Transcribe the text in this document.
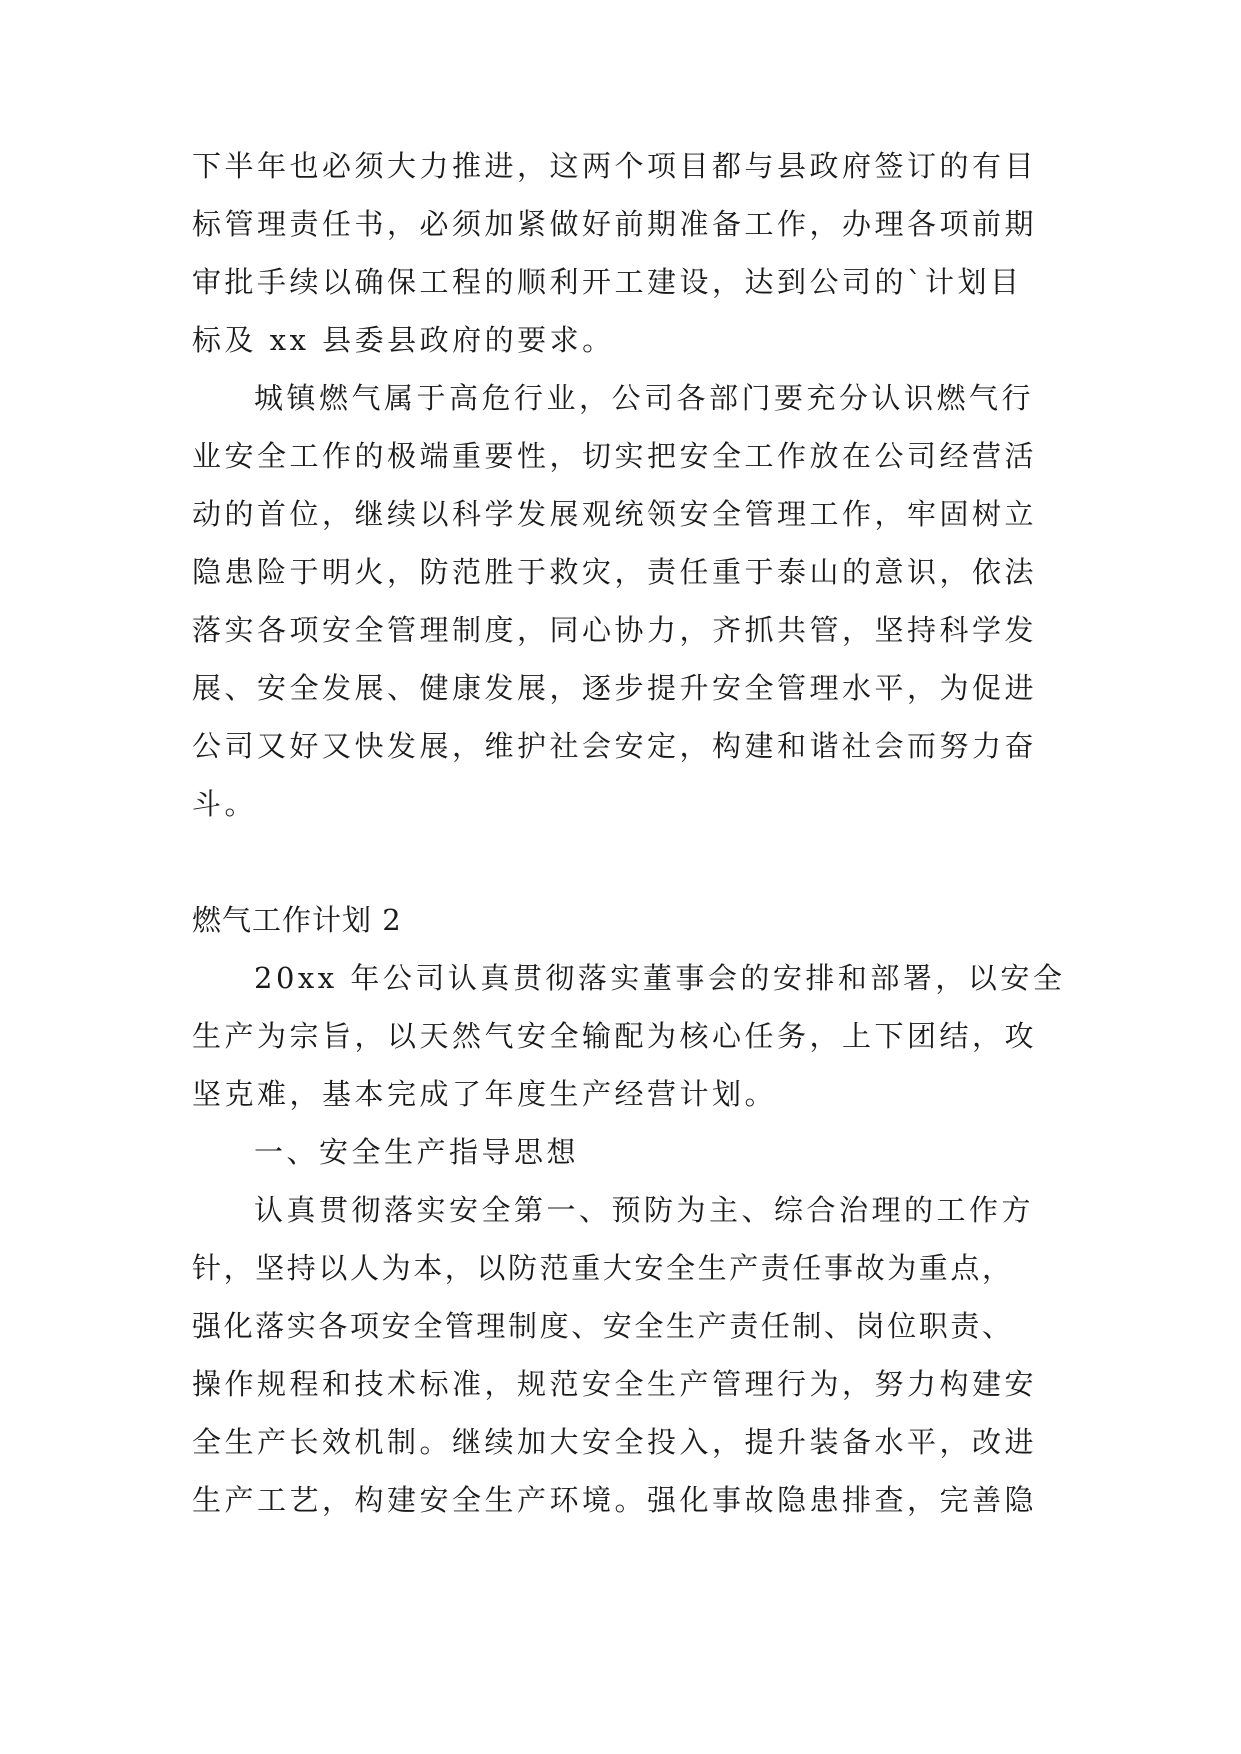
下半年也必须大力推进，这两个项目都与县政府签订的有目

标管理责任书，必须加紧做好前期准备工作，办理各项前期

审批手续以确保工程的顺利开工建设，达到公司的`计划目

标及 xx 县委县政府的要求。

城镇燃气属于高危行业，公司各部门要充分认识燃气行

业安全工作的极端重要性，切实把安全工作放在公司经营活

动的首位，继续以科学发展观统领安全管理工作，牢固树立

隐患险于明火，防范胜于救灾，责任重于泰山的意识，依法

落实各项安全管理制度，同心协力，齐抓共管，坚持科学发

展、安全发展、健康发展，逐步提升安全管理水平，为促进

公司又好又快发展，维护社会安定，构建和谐社会而努力奋

斗。

燃气工作计划 2

20xx 年公司认真贯彻落实董事会的安排和部署，以安全

生产为宗旨，以天然气安全输配为核心任务，上下团结，攻

坚克难，基本完成了年度生产经营计划。

一、安全生产指导思想

认真贯彻落实安全第一、预防为主、综合治理的工作方

针，坚持以人为本，以防范重大安全生产责任事故为重点，

强化落实各项安全管理制度、安全生产责任制、岗位职责、

操作规程和技术标准，规范安全生产管理行为，努力构建安

全生产长效机制。继续加大安全投入，提升装备水平，改进

生产工艺，构建安全生产环境。强化事故隐患排查，完善隐
